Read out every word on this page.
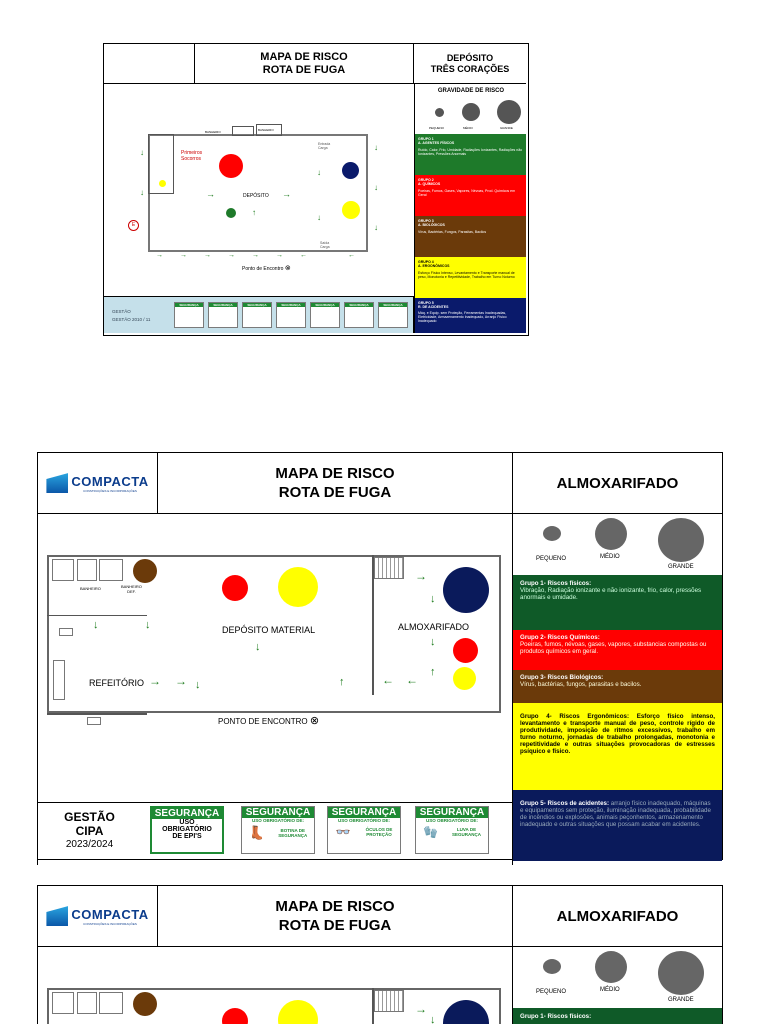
MAPA DE RISCO
ROTA DE FUGA
DEPÓSITO
TRÊS CORAÇÕES
BANHEIRO	BANHEIRO
Primeiros
Socorros
DEPÓSITO
Entrada
Carga
Saída
Carga
Ponto de Encontro ⊗
E
→ → → → → → ←	←
→	→
↓
↓
↓
↓
↓
↓
↓
↑
GESTÃO
GESTÃO 2010 / 11
SEGURANÇA	SEGURANÇA	SEGURANÇA	SEGURANÇA	SEGURANÇA	SEGURANÇA	SEGURANÇA
GRAVIDADE DE RISCO
PEQUENO	MÉDIO	GRANDE
GRUPO 1
A. AGENTES FÍSICOS
Ruído, Calor, Frio, Umidade, Radiações Ionizantes, Radiações não Ionizantes, Pressões Anormais
GRUPO 2
A. QUÍMICOS
Poeiras, Fumos, Gases, Vapores, Névoas, Prod. Químicos em Geral
GRUPO 3
A. BIOLÓGICOS
Vírus, Bactérias, Fungos, Parasitas, Bacilos
GRUPO 4
A. ERGONÔMICOS
Esforço Físico Intenso, Levantamento e Transporte manual de peso, Monotonia e Repetitividade, Trabalho em Turno Noturno
GRUPO 5
R. DE ACIDENTES
Máq. e Equip. sem Proteção, Ferramentas Inadequadas, Eletricidade, Armazenamento Inadequado, Arranjo Físico Inadequado
COMPACTA
CONSTRUÇÕES E INCORPORAÇÕES
MAPA DE RISCO
ROTA DE FUGA
ALMOXARIFADO
BANHEIRO	BANHEIRO
DEF.
DEPÓSITO MATERIAL	ALMOXARIFADO
REFEITÓRIO
PONTO DE ENCONTRO ⊗
↓	↓
↓
→ → ↓	↑	← ←
↑
→
↓
↓
GESTÃO
CIPA
2023/2024
SEGURANÇA
USO
OBRIGATÓRIO
DE EPI'S
SEGURANÇA
USO OBRIGATÓRIO DE:
👢	BOTINA DE
SEGURANÇA
SEGURANÇA
USO OBRIGATÓRIO DE:
👓	ÓCULOS DE
PROTEÇÃO
SEGURANÇA
USO OBRIGATÓRIO DE:
🧤	LUVA DE
SEGURANÇA
PEQUENO	MÉDIO
GRANDE
Grupo 1- Riscos físicos:
Vibração, Radiação ionizante e não ionizante, frio, calor, pressões anormais e umidade.
Grupo 2- Riscos Químicos:
Poeiras, fumos, névoas, gases, vapores, substancias compostas ou produtos químicos em geral.
Grupo 3- Riscos Biológicos:
Vírus, bactérias, fungos, parasitas e bacilos.
Grupo 4- Riscos Ergonômicos: Esforço físico intenso, levantamento e transporte manual de peso, controle rígido de produtividade, imposição de ritmos excessivos, trabalho em turno noturno, jornadas de trabalho prolongadas, monotonia e repetitividade e outras situações provocadoras de estresses psíquico e físico.
Grupo 5- Riscos de acidentes: arranjo físico inadequado, máquinas e equipamentos sem proteção, iluminação inadequada, probabilidade de incêndios ou explosões, animais peçonhentos, armazenamento inadequado e outras situações que possam acabar em acidentes.
COMPACTA
CONSTRUÇÕES E INCORPORAÇÕES
MAPA DE RISCO
ROTA DE FUGA
ALMOXARIFADO
→
↓
PEQUENO	MÉDIO
GRANDE
Grupo 1- Riscos físicos:
